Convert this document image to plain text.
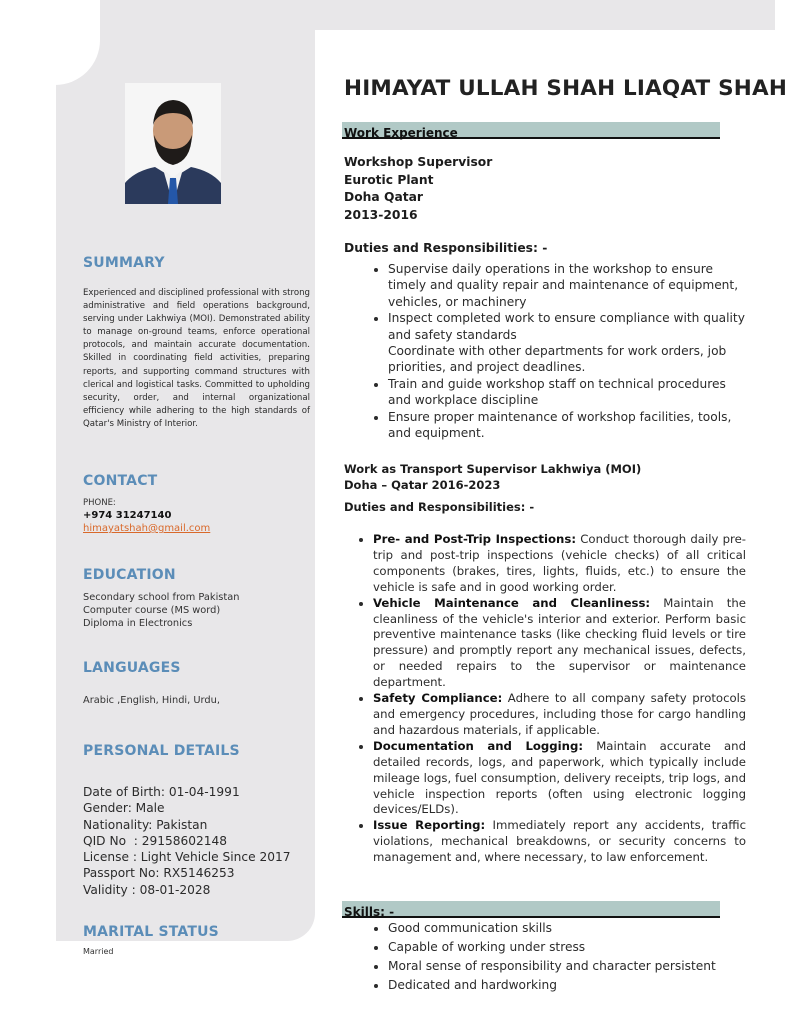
SUMMARY
Experienced and disciplined professional with strong administrative and field operations background, serving under Lakhwiya (MOI). Demonstrated ability to manage on-ground teams, enforce operational protocols, and maintain accurate documentation. Skilled in coordinating field activities, preparing reports, and supporting command structures with clerical and logistical tasks. Committed to upholding security, order, and internal organizational efficiency while adhering to the high standards of Qatar's Ministry of Interior.
CONTACT
PHONE:
+974 31247140
himayatshah@gmail.com
EDUCATION
Secondary school from Pakistan
Computer course (MS word)
Diploma in Electronics
LANGUAGES
Arabic ,English, Hindi, Urdu,
PERSONAL DETAILS
Date of Birth: 01-04-1991
Gender: Male
Nationality: Pakistan
QID No  : 29158602148
License : Light Vehicle Since 2017
Passport No: RX5146253
Validity : 08-01-2028
MARITAL STATUS
Married
HIMAYAT ULLAH SHAH LIAQAT SHAH
Work Experience
Workshop Supervisor
Eurotic Plant
Doha Qatar
2013-2016
Duties and Responsibilities: -
• Supervise daily operations in the workshop to ensure timely and quality repair and maintenance of equipment, vehicles, or machinery
• Inspect completed work to ensure compliance with quality and safety standards
Coordinate with other departments for work orders, job priorities, and project deadlines.
• Train and guide workshop staff on technical procedures and workplace discipline
• Ensure proper maintenance of workshop facilities, tools, and equipment.
Work as Transport Supervisor Lakhwiya (MOI)
Doha – Qatar 2016-2023
Duties and Responsibilities: -
• Pre- and Post-Trip Inspections: Conduct thorough daily pre-trip and post-trip inspections (vehicle checks) of all critical components (brakes, tires, lights, fluids, etc.) to ensure the vehicle is safe and in good working order.
• Vehicle Maintenance and Cleanliness: Maintain the cleanliness of the vehicle's interior and exterior. Perform basic preventive maintenance tasks (like checking fluid levels or tire pressure) and promptly report any mechanical issues, defects, or needed repairs to the supervisor or maintenance department.
• Safety Compliance: Adhere to all company safety protocols and emergency procedures, including those for cargo handling and hazardous materials, if applicable.
• Documentation and Logging: Maintain accurate and detailed records, logs, and paperwork, which typically include mileage logs, fuel consumption, delivery receipts, trip logs, and vehicle inspection reports (often using electronic logging devices/ELDs).
• Issue Reporting: Immediately report any accidents, traffic violations, mechanical breakdowns, or security concerns to management and, where necessary, to law enforcement.
Skills: -
• Good communication skills
• Capable of working under stress
• Moral sense of responsibility and character persistent
• Dedicated and hardworking
